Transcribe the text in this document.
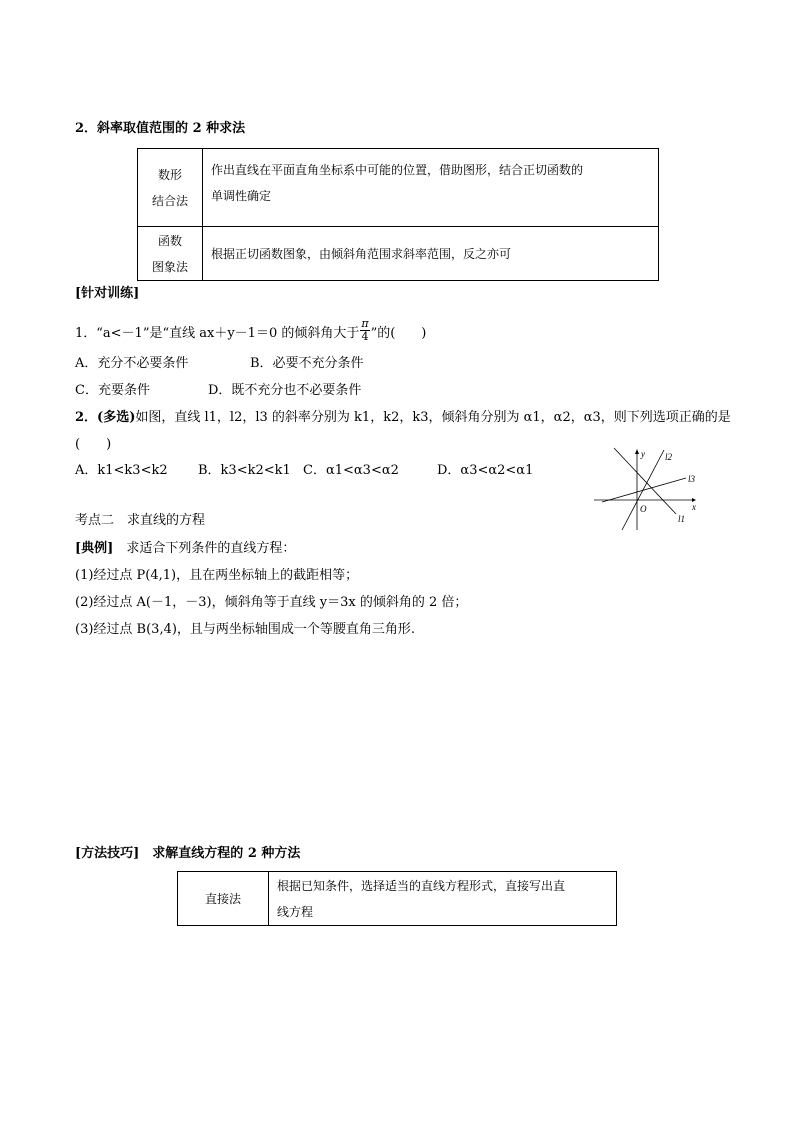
2．斜率取值范围的 2 种求法
数形
结合法	作出直线在平面直角坐标系中可能的位置，借助图形，结合正切函数的
单调性确定
函数
图象法	根据正切函数图象，由倾斜角范围求斜率范围，反之亦可
[针对训练]
1．“a<－1”是“直线 ax＋y－1＝0 的倾斜角大于 $\frac{\pi}{4}$ ”的(　　)
A．充分不必要条件	B．必要不充分条件
C．充要条件	D．既不充分也不必要条件
2．(多选)如图，直线 l1，l2，l3 的斜率分别为 k1，k2，k3，倾斜角分别为 α1，α2，α3，则下列选项正确的是
(　　)
A．k1<k3<k2 B．k3<k2<k1 C．α1<α3<α2	D．α3<α2<α1
y
x
O
l1
l2
l3
考点二　求直线的方程
[典例]　求适合下列条件的直线方程：
(1)经过点 P(4,1)，且在两坐标轴上的截距相等；
(2)经过点 A(－1，－3)，倾斜角等于直线 y＝3x 的倾斜角的 2 倍；
(3)经过点 B(3,4)，且与两坐标轴围成一个等腰直角三角形.
[方法技巧]　求解直线方程的 2 种方法
直接法	根据已知条件，选择适当的直线方程形式，直接写出直
线方程
